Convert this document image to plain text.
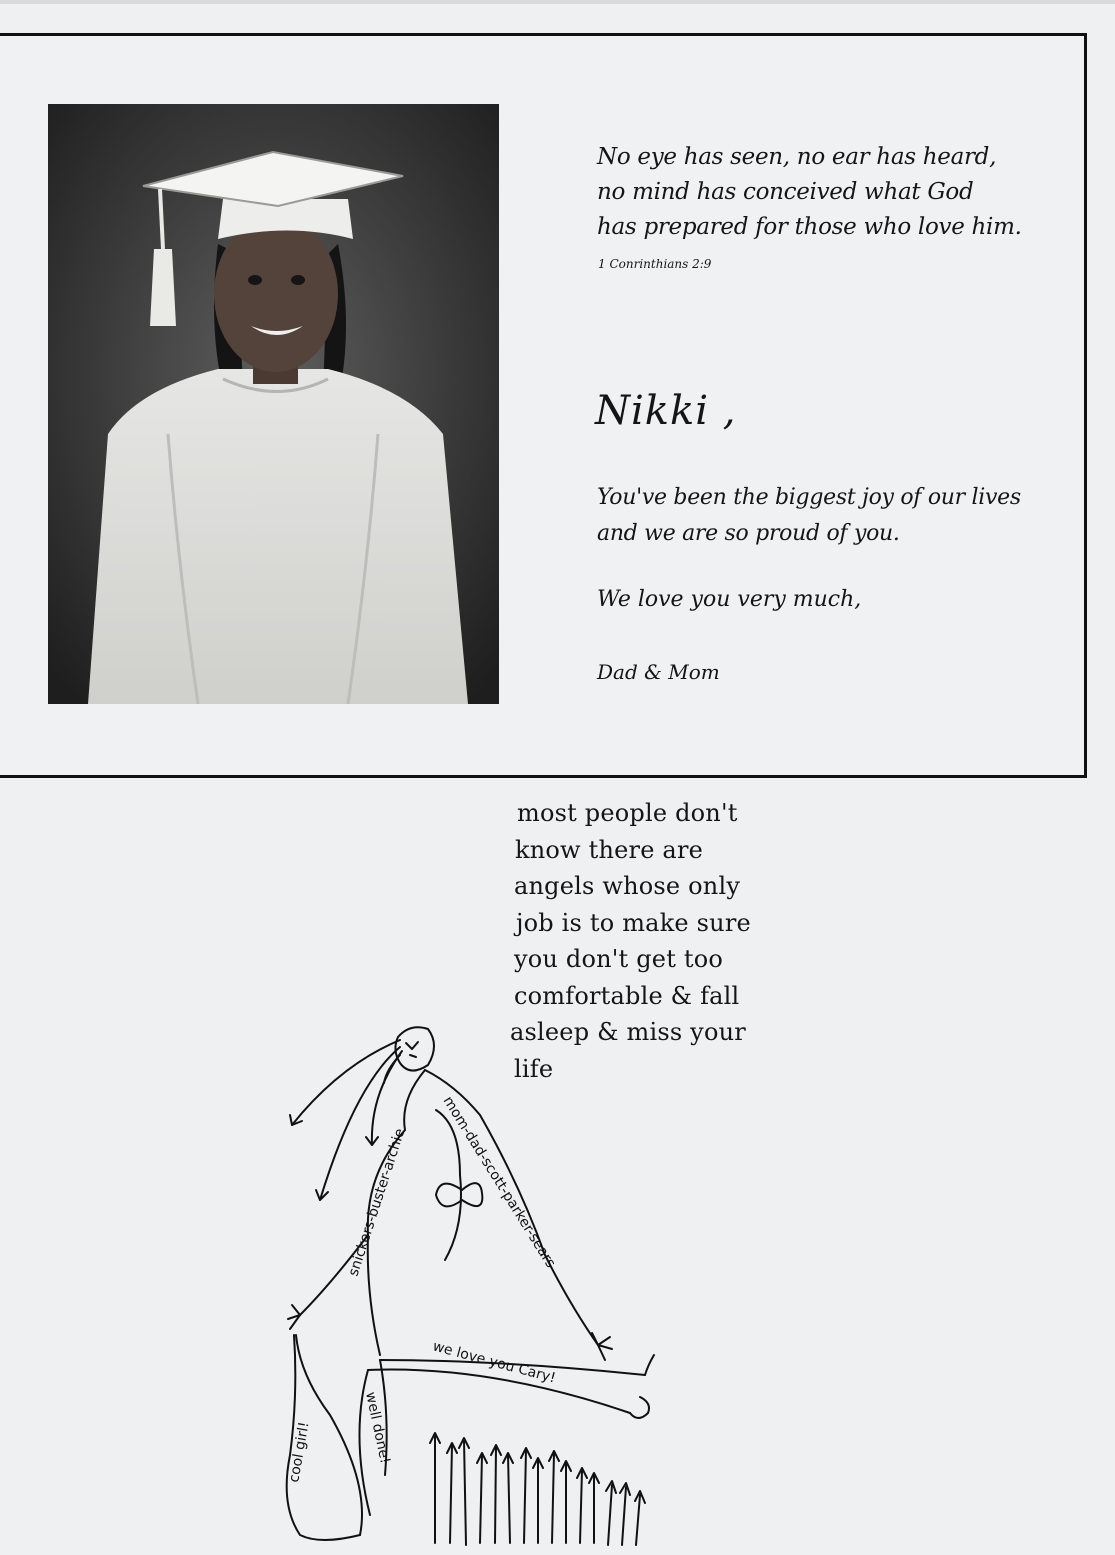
No eye has seen, no ear has heard,
no mind has conceived what God
has prepared for those who love him.
1 Conrinthians 2:9
Nikki ,
You've been the biggest joy of our lives
and we are so proud of you.
We love you very much,
Dad & Mom
most people don't
know there are
angels whose only
job is to make sure
you don't get too
comfortable & fall
asleep & miss your
life
mom-dad-scott-parker-sears
snickers-buster-archie
we love you Cary!
cool girl!	well done!
